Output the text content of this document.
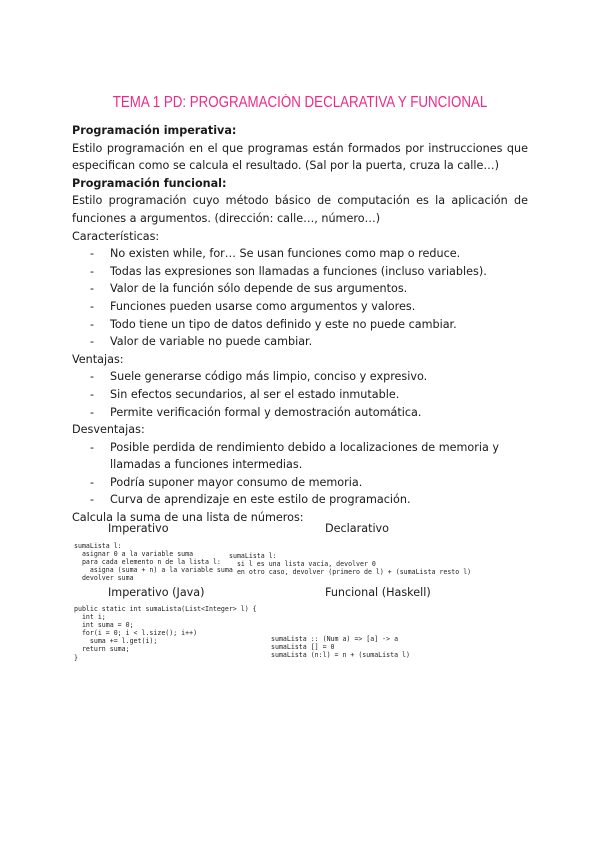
TEMA 1 PD: PROGRAMACIÓN DECLARATIVA Y FUNCIONAL

Programación imperativa:

Estilo programación en el que programas están formados por instrucciones que especifican como se calcula el resultado. (Sal por la puerta, cruza la calle…)

Programación funcional:

Estilo programación cuyo método básico de computación es la aplicación de funciones a argumentos. (dirección: calle…, número…)

Características:

- No existen while, for… Se usan funciones como map o reduce.
- Todas las expresiones son llamadas a funciones (incluso variables).
- Valor de la función sólo depende de sus argumentos.
- Funciones pueden usarse como argumentos y valores.
- Todo tiene un tipo de datos definido y este no puede cambiar.
- Valor de variable no puede cambiar.

Ventajas:

- Suele generarse código más limpio, conciso y expresivo.
- Sin efectos secundarios, al ser el estado inmutable.
- Permite verificación formal y demostración automática.

Desventajas:

- Posible perdida de rendimiento debido a localizaciones de memoria y llamadas a funciones intermedias.
- Podría suponer mayor consumo de memoria.
- Curva de aprendizaje en este estilo de programación.

Calcula la suma de una lista de números:

Imperativo	Declarativo
sumaLista l:
asignar 0 a la variable suma
para cada elemento n de la lista l:
asigna (suma + n) a la variable suma
devolver suma
sumaLista l:
si l es una lista vacía, devolver 0
en otro caso, devolver (primero de l) + (sumaLista resto l)
Imperativo (Java)	Funcional (Haskell)
public static int sumaLista(List<Integer> l) {
int i;
int suma = 0;
for(i = 0; i < l.size(); i++)
suma += l.get(i);
return suma;
}
sumaLista :: (Num a) => [a] -> a
sumaLista [] = 0
sumaLista (n:l) = n + (sumaLista l)
